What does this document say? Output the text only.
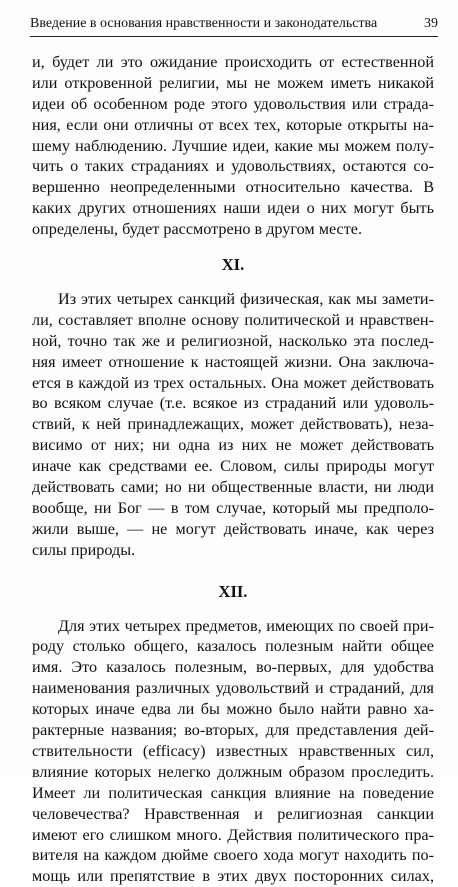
Введение в основания нравственности и законодательства	39
и, будет ли это ожидание происходить от естественной
или откровенной религии, мы не можем иметь никакой
идеи об особенном роде этого удовольствия или страда-
ния, если они отличны от всех тех, которые открыты на-
шему наблюдению. Лучшие идеи, какие мы можем полу-
чить о таких страданиях и удовольствиях, остаются со-
вершенно неопределенными относительно качества. В
каких других отношениях наши идеи о них могут быть
определены, будет рассмотрено в другом месте.
XI.
Из этих четырех санкций физическая, как мы замети-
ли, составляет вполне основу политической и нравствен-
ной, точно так же и религиозной, насколько эта послед-
няя имеет отношение к настоящей жизни. Она заключа-
ется в каждой из трех остальных. Она может действовать
во всяком случае (т.е. всякое из страданий или удоволь-
ствий, к ней принадлежащих, может действовать), неза-
висимо от них; ни одна из них не может действовать
иначе как средствами ее. Словом, силы природы могут
действовать сами; но ни общественные власти, ни люди
вообще, ни Бог — в том случае, который мы предполо-
жили выше, — не могут действовать иначе, как через
силы природы.
XII.
Для этих четырех предметов, имеющих по своей при-
роду столько общего, казалось полезным найти общее
имя. Это казалось полезным, во-первых, для удобства
наименования различных удовольствий и страданий, для
которых иначе едва ли бы можно было найти равно ха-
рактерные названия; во-вторых, для представления дей-
ствительности (efficacy) известных нравственных сил,
влияние которых нелегко должным образом проследить.
Имеет ли политическая санкция влияние на поведение
человечества? Нравственная и религиозная санкции
имеют его слишком много. Действия политического пра-
вителя на каждом дюйме своего хода могут находить по-
мощь или препятствие в этих двух посторонних силах,
